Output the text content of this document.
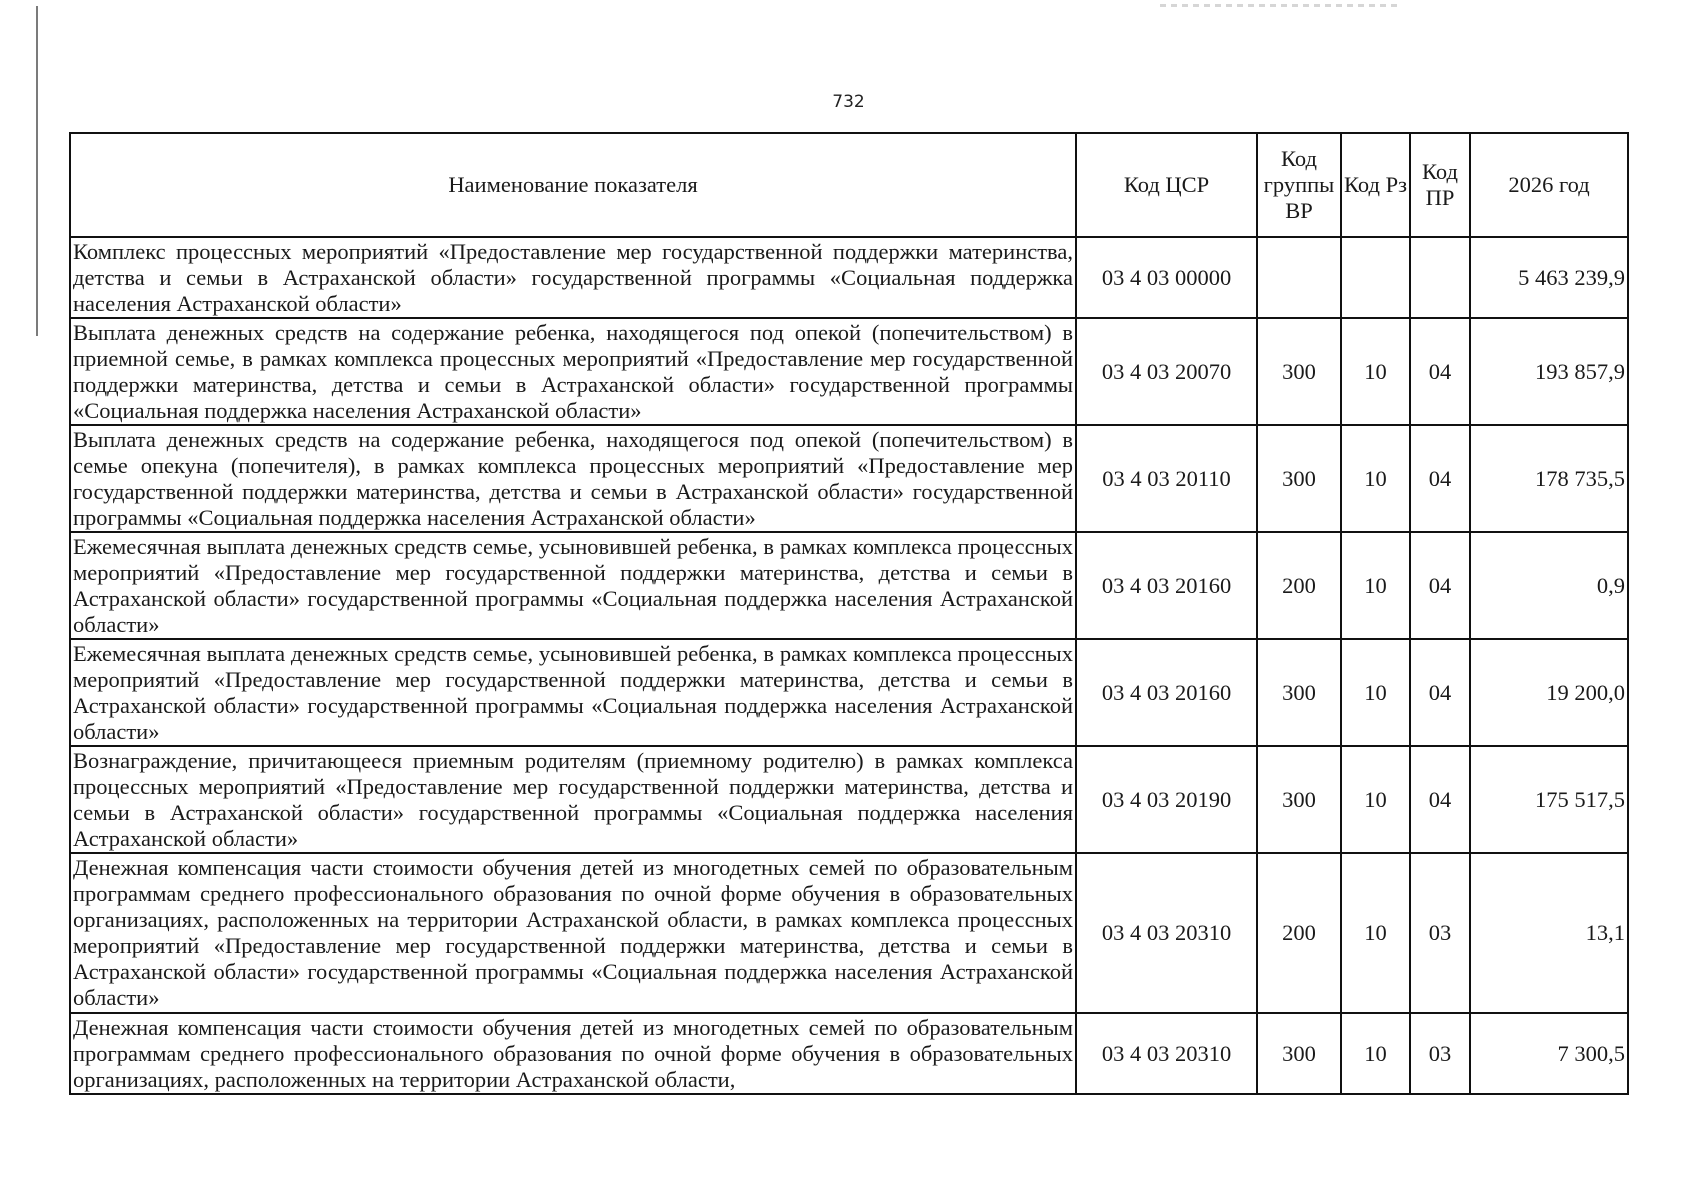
732
Наименование показателя	Код ЦСР	Код группы ВР	Код Рз	Код ПР	2026 год
Комплекс процессных мероприятий «Предоставление мер государственной поддержки материнства, детства и семьи в Астраханской области» государственной программы «Социальная поддержка населения Астраханской области»	03 4 03 00000				5 463 239,9
Выплата денежных средств на содержание ребенка, находящегося под опекой (попечительством) в приемной семье, в рамках комплекса процессных мероприятий «Предоставление мер государственной поддержки материнства, детства и семьи в Астраханской области» государственной программы «Социальная поддержка населения Астраханской области»	03 4 03 20070	300	10	04	193 857,9
Выплата денежных средств на содержание ребенка, находящегося под опекой (попечительством) в семье опекуна (попечителя), в рамках комплекса процессных мероприятий «Предоставление мер государственной поддержки материнства, детства и семьи в Астраханской области» государственной программы «Социальная поддержка населения Астраханской области»	03 4 03 20110	300	10	04	178 735,5
Ежемесячная выплата денежных средств семье, усыновившей ребенка, в рамках комплекса процессных мероприятий «Предоставление мер государственной поддержки материнства, детства и семьи в Астраханской области» государственной программы «Социальная поддержка населения Астраханской области»	03 4 03 20160	200	10	04	0,9
Ежемесячная выплата денежных средств семье, усыновившей ребенка, в рамках комплекса процессных мероприятий «Предоставление мер государственной поддержки материнства, детства и семьи в Астраханской области» государственной программы «Социальная поддержка населения Астраханской области»	03 4 03 20160	300	10	04	19 200,0
Вознаграждение, причитающееся приемным родителям (приемному родителю) в рамках комплекса процессных мероприятий «Предоставление мер государственной поддержки материнства, детства и семьи в Астраханской области» государственной программы «Социальная поддержка населения Астраханской области»	03 4 03 20190	300	10	04	175 517,5
Денежная компенсация части стоимости обучения детей из многодетных семей по образовательным программам среднего профессионального образования по очной форме обучения в образовательных организациях, расположенных на территории Астраханской области, в рамках комплекса процессных мероприятий «Предоставление мер государственной поддержки материнства, детства и семьи в Астраханской области» государственной программы «Социальная поддержка населения Астраханской области»	03 4 03 20310	200	10	03	13,1
Денежная компенсация части стоимости обучения детей из многодетных семей по образовательным программам среднего профессионального образования по очной форме обучения в образовательных организациях, расположенных на территории Астраханской области,	03 4 03 20310	300	10	03	7 300,5
